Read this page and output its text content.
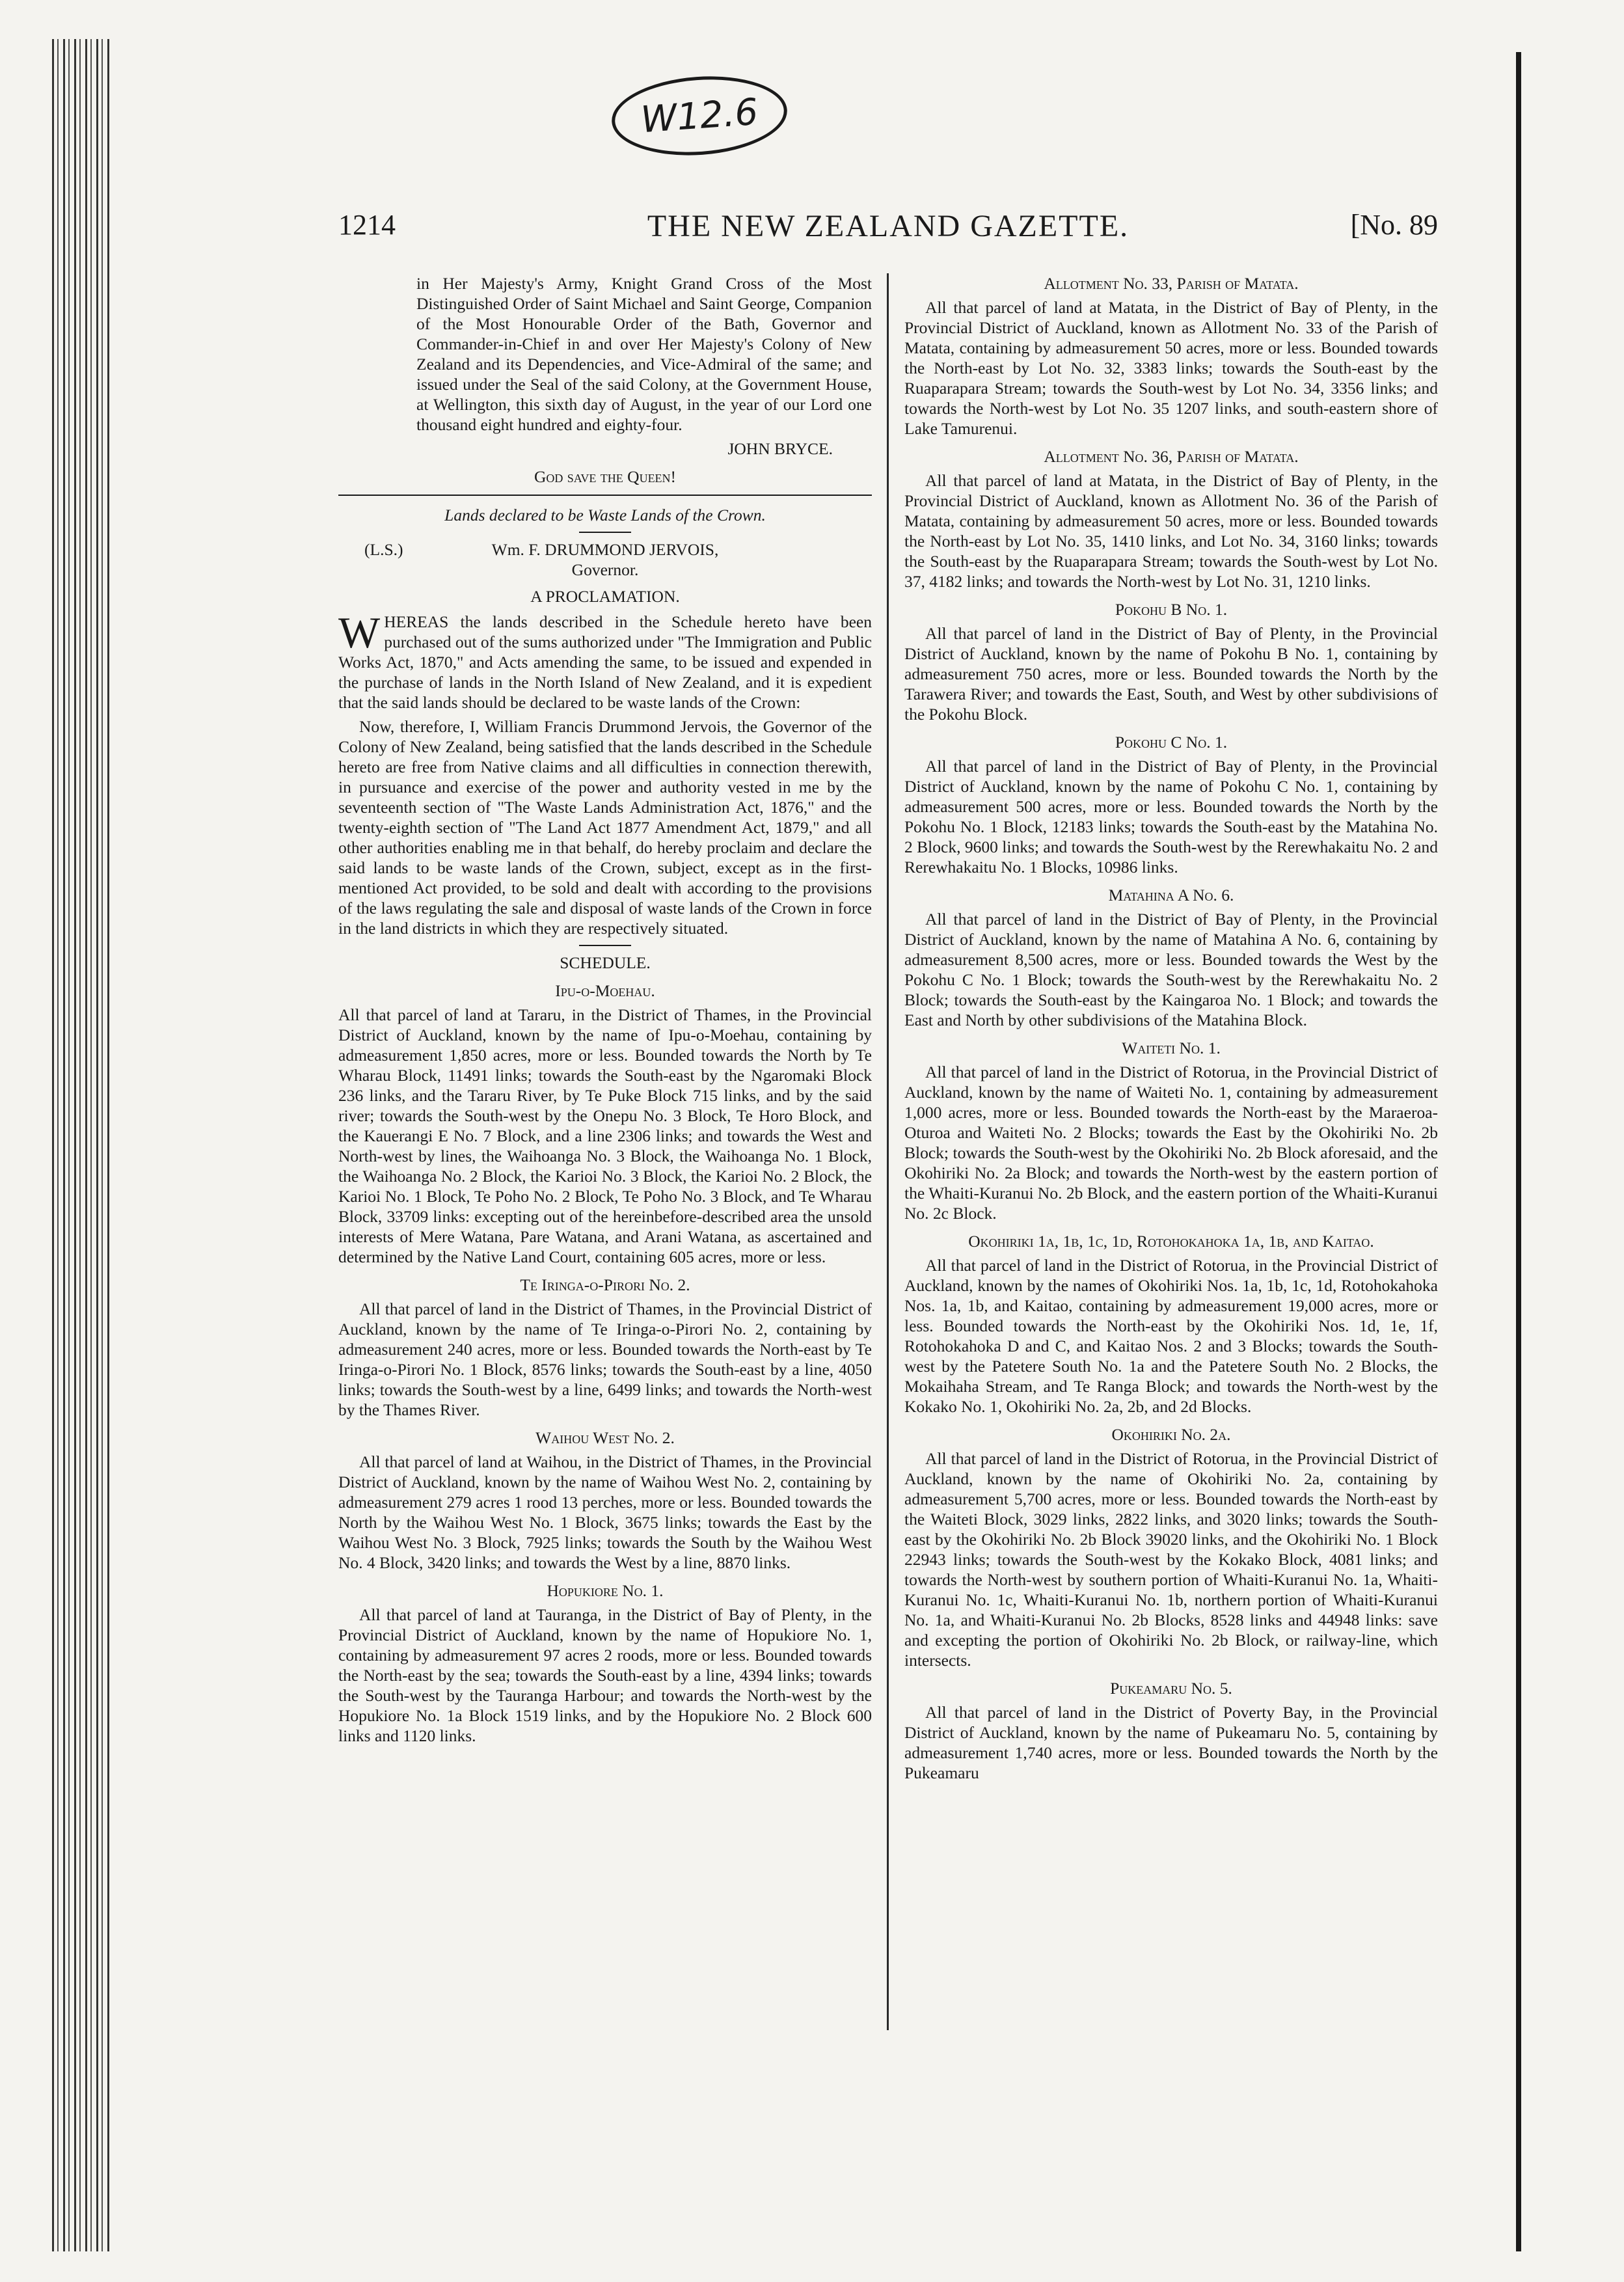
W12.6
1214	THE NEW ZEALAND GAZETTE.	[No. 89

in Her Majesty's Army, Knight Grand Cross of the Most Distinguished Order of Saint Michael and Saint George, Companion of the Most Honourable Order of the Bath, Governor and Commander-in-Chief in and over Her Majesty's Colony of New Zealand and its Dependencies, and Vice-Admiral of the same; and issued under the Seal of the said Colony, at the Government House, at Wellington, this sixth day of August, in the year of our Lord one thousand eight hundred and eighty-four.

JOHN BRYCE.
God save the Queen!
Lands declared to be Waste Lands of the Crown.
(L.S.)	Wm. F. DRUMMOND JERVOIS,

Governor.

A PROCLAMATION.

WHEREAS the lands described in the Schedule hereto have been purchased out of the sums authorized under "The Immigration and Public Works Act, 1870," and Acts amending the same, to be issued and expended in the purchase of lands in the North Island of New Zealand, and it is expedient that the said lands should be declared to be waste lands of the Crown:

Now, therefore, I, William Francis Drummond Jervois, the Governor of the Colony of New Zealand, being satisfied that the lands described in the Schedule hereto are free from Native claims and all difficulties in connection therewith, in pursuance and exercise of the power and authority vested in me by the seventeenth section of "The Waste Lands Administration Act, 1876," and the twenty-eighth section of "The Land Act 1877 Amendment Act, 1879," and all other authorities enabling me in that behalf, do hereby proclaim and declare the said lands to be waste lands of the Crown, subject, except as in the first-mentioned Act provided, to be sold and dealt with according to the provisions of the laws regulating the sale and disposal of waste lands of the Crown in force in the land districts in which they are respectively situated.

SCHEDULE.
Ipu-o-Moehau.

All that parcel of land at Tararu, in the District of Thames, in the Provincial District of Auckland, known by the name of Ipu-o-Moehau, containing by admeasurement 1,850 acres, more or less. Bounded towards the North by Te Wharau Block, 11491 links; towards the South-east by the Ngaromaki Block 236 links, and the Tararu River, by Te Puke Block 715 links, and by the said river; towards the South-west by the Onepu No. 3 Block, Te Horo Block, and the Kauerangi E No. 7 Block, and a line 2306 links; and towards the West and North-west by lines, the Waihoanga No. 3 Block, the Waihoanga No. 1 Block, the Waihoanga No. 2 Block, the Karioi No. 3 Block, the Karioi No. 2 Block, the Karioi No. 1 Block, Te Poho No. 2 Block, Te Poho No. 3 Block, and Te Wharau Block, 33709 links: excepting out of the hereinbefore-described area the unsold interests of Mere Watana, Pare Watana, and Arani Watana, as ascertained and determined by the Native Land Court, containing 605 acres, more or less.

Te Iringa-o-Pirori No. 2.

All that parcel of land in the District of Thames, in the Provincial District of Auckland, known by the name of Te Iringa-o-Pirori No. 2, containing by admeasurement 240 acres, more or less. Bounded towards the North-east by Te Iringa-o-Pirori No. 1 Block, 8576 links; towards the South-east by a line, 4050 links; towards the South-west by a line, 6499 links; and towards the North-west by the Thames River.

Waihou West No. 2.

All that parcel of land at Waihou, in the District of Thames, in the Provincial District of Auckland, known by the name of Waihou West No. 2, containing by admeasurement 279 acres 1 rood 13 perches, more or less. Bounded towards the North by the Waihou West No. 1 Block, 3675 links; towards the East by the Waihou West No. 3 Block, 7925 links; towards the South by the Waihou West No. 4 Block, 3420 links; and towards the West by a line, 8870 links.

Hopukiore No. 1.

All that parcel of land at Tauranga, in the District of Bay of Plenty, in the Provincial District of Auckland, known by the name of Hopukiore No. 1, containing by admeasurement 97 acres 2 roods, more or less. Bounded towards the North-east by the sea; towards the South-east by a line, 4394 links; towards the South-west by the Tauranga Harbour; and towards the North-west by the Hopukiore No. 1a Block 1519 links, and by the Hopukiore No. 2 Block 600 links and 1120 links.

Allotment No. 33, Parish of Matata.

All that parcel of land at Matata, in the District of Bay of Plenty, in the Provincial District of Auckland, known as Allotment No. 33 of the Parish of Matata, containing by admeasurement 50 acres, more or less. Bounded towards the North-east by Lot No. 32, 3383 links; towards the South-east by the Ruaparapara Stream; towards the South-west by Lot No. 34, 3356 links; and towards the North-west by Lot No. 35 1207 links, and south-eastern shore of Lake Tamurenui.

Allotment No. 36, Parish of Matata.

All that parcel of land at Matata, in the District of Bay of Plenty, in the Provincial District of Auckland, known as Allotment No. 36 of the Parish of Matata, containing by admeasurement 50 acres, more or less. Bounded towards the North-east by Lot No. 35, 1410 links, and Lot No. 34, 3160 links; towards the South-east by the Ruaparapara Stream; towards the South-west by Lot No. 37, 4182 links; and towards the North-west by Lot No. 31, 1210 links.

Pokohu B No. 1.

All that parcel of land in the District of Bay of Plenty, in the Provincial District of Auckland, known by the name of Pokohu B No. 1, containing by admeasurement 750 acres, more or less. Bounded towards the North by the Tarawera River; and towards the East, South, and West by other subdivisions of the Pokohu Block.

Pokohu C No. 1.

All that parcel of land in the District of Bay of Plenty, in the Provincial District of Auckland, known by the name of Pokohu C No. 1, containing by admeasurement 500 acres, more or less. Bounded towards the North by the Pokohu No. 1 Block, 12183 links; towards the South-east by the Matahina No. 2 Block, 9600 links; and towards the South-west by the Rerewhakaitu No. 2 and Rerewhakaitu No. 1 Blocks, 10986 links.

Matahina A No. 6.

All that parcel of land in the District of Bay of Plenty, in the Provincial District of Auckland, known by the name of Matahina A No. 6, containing by admeasurement 8,500 acres, more or less. Bounded towards the West by the Pokohu C No. 1 Block; towards the South-west by the Rerewhakaitu No. 2 Block; towards the South-east by the Kaingaroa No. 1 Block; and towards the East and North by other subdivisions of the Matahina Block.

Waiteti No. 1.

All that parcel of land in the District of Rotorua, in the Provincial District of Auckland, known by the name of Waiteti No. 1, containing by admeasurement 1,000 acres, more or less. Bounded towards the North-east by the Maraeroa-Oturoa and Waiteti No. 2 Blocks; towards the East by the Okohiriki No. 2b Block; towards the South-west by the Okohiriki No. 2b Block aforesaid, and the Okohiriki No. 2a Block; and towards the North-west by the eastern portion of the Whaiti-Kuranui No. 2b Block, and the eastern portion of the Whaiti-Kuranui No. 2c Block.

Okohiriki 1a, 1b, 1c, 1d, Rotohokahoka 1a, 1b, and Kaitao.

All that parcel of land in the District of Rotorua, in the Provincial District of Auckland, known by the names of Okohiriki Nos. 1a, 1b, 1c, 1d, Rotohokahoka Nos. 1a, 1b, and Kaitao, containing by admeasurement 19,000 acres, more or less. Bounded towards the North-east by the Okohiriki Nos. 1d, 1e, 1f, Rotohokahoka D and C, and Kaitao Nos. 2 and 3 Blocks; towards the South-west by the Patetere South No. 1a and the Patetere South No. 2 Blocks, the Mokaihaha Stream, and Te Ranga Block; and towards the North-west by the Kokako No. 1, Okohiriki No. 2a, 2b, and 2d Blocks.

Okohiriki No. 2a.

All that parcel of land in the District of Rotorua, in the Provincial District of Auckland, known by the name of Okohiriki No. 2a, containing by admeasurement 5,700 acres, more or less. Bounded towards the North-east by the Waiteti Block, 3029 links, 2822 links, and 3020 links; towards the South-east by the Okohiriki No. 2b Block 39020 links, and the Okohiriki No. 1 Block 22943 links; towards the South-west by the Kokako Block, 4081 links; and towards the North-west by southern portion of Whaiti-Kuranui No. 1a, Whaiti-Kuranui No. 1c, Whaiti-Kuranui No. 1b, northern portion of Whaiti-Kuranui No. 1a, and Whaiti-Kuranui No. 2b Blocks, 8528 links and 44948 links: save and excepting the portion of Okohiriki No. 2b Block, or railway-line, which intersects.

Pukeamaru No. 5.

All that parcel of land in the District of Poverty Bay, in the Provincial District of Auckland, known by the name of Pukeamaru No. 5, containing by admeasurement 1,740 acres, more or less. Bounded towards the North by the Pukeamaru
